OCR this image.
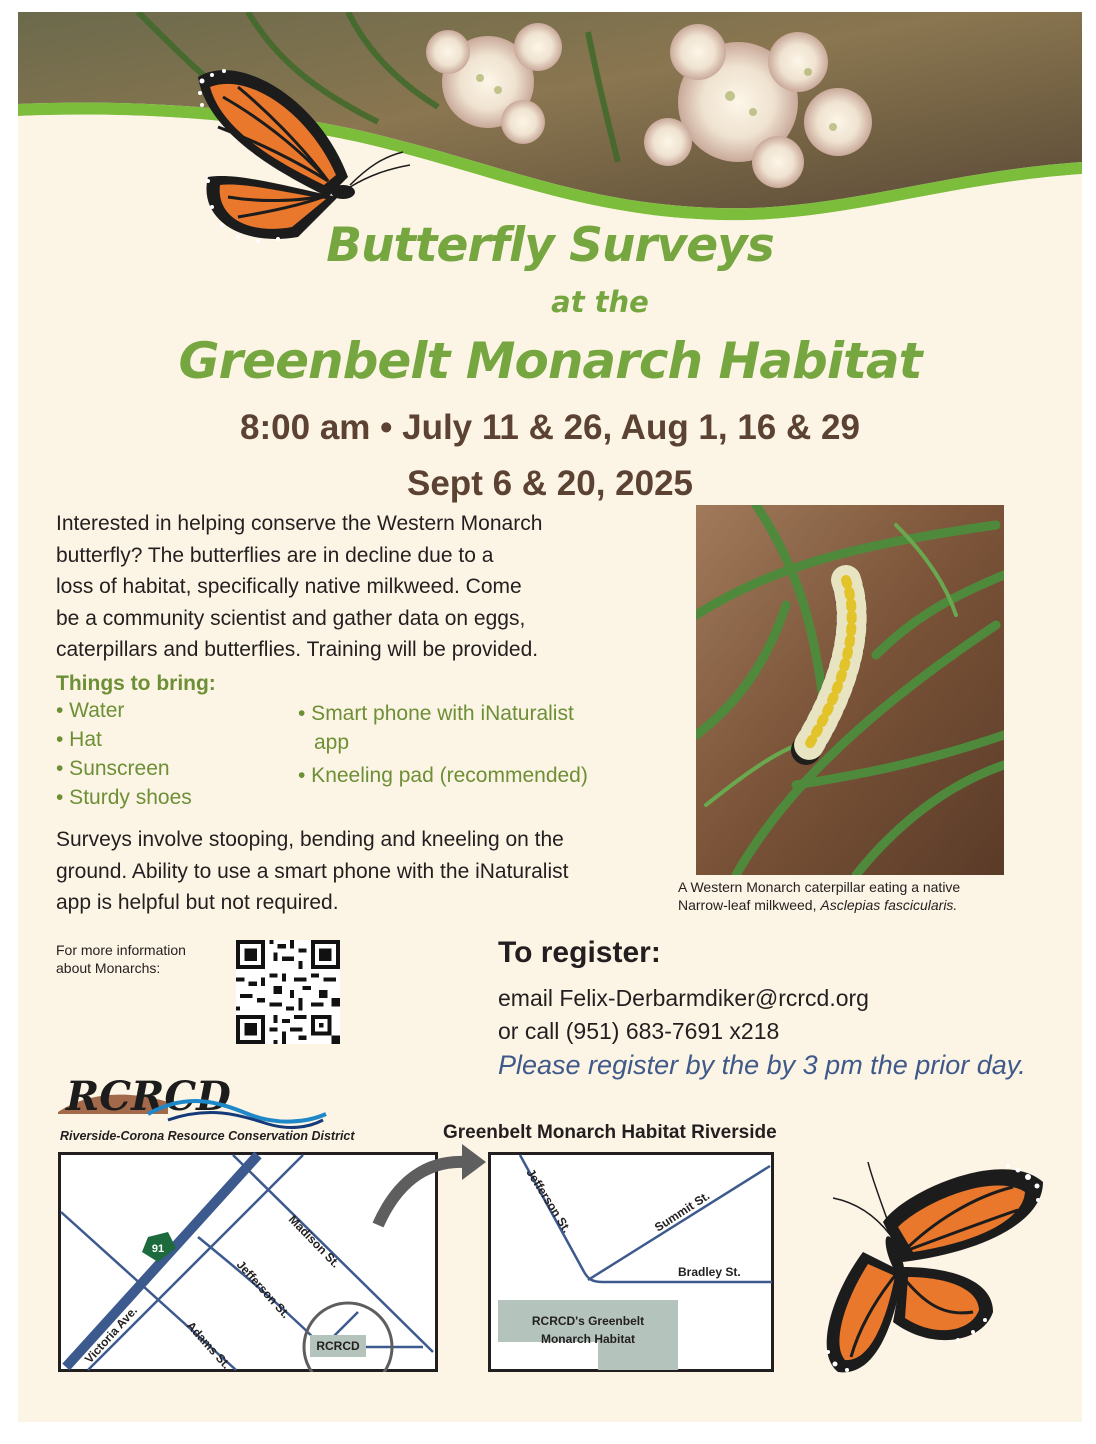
Butterfly Surveys
at the
Greenbelt Monarch Habitat
8:00 am • July 11 & 26, Aug 1, 16 & 29
Sept 6 & 20, 2025
Interested in helping conserve the Western Monarch
butterfly? The butterflies are in decline due to a
loss of habitat, specifically native milkweed. Come
be a community scientist and gather data on eggs,
caterpillars and butterflies. Training will be provided.
Things to bring:
• Water
• Hat
• Sunscreen
• Sturdy shoes
• Smart phone with iNaturalist
app
• Kneeling pad (recommended)
Surveys involve stooping, bending and kneeling on the
ground. Ability to use a smart phone with the iNaturalist
app is helpful but not required.
A Western Monarch caterpillar eating a native
Narrow-leaf milkweed, Asclepias fascicularis.
For more information
about Monarchs:	To register:
email Felix-Derbarmdiker@rcrcd.org
or call (951) 683-7691 x218
Please register by the by 3 pm the prior day.
RCRCD
Riverside-Corona Resource Conservation District	Greenbelt Monarch Habitat Riverside
91	Madison St.
Jefferson St.
Adams St.
Victoria Ave.	RCRCD
Jefferson St.	Summit St.
Bradley St.
RCRCD's Greenbelt
Monarch Habitat
